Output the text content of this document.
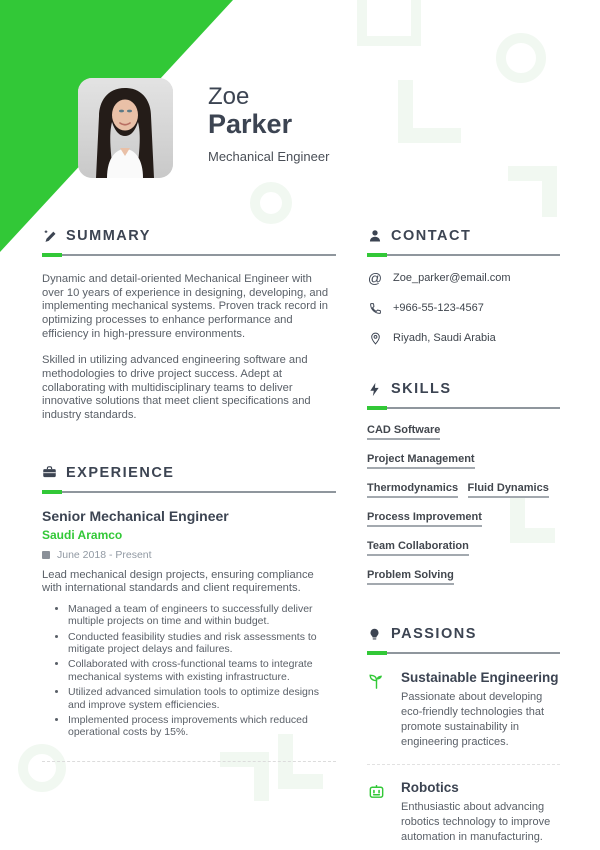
Zoe
Parker
Mechanical Engineer
SUMMARY

Dynamic and detail-oriented Mechanical Engineer with over 10 years of experience in designing, developing, and implementing mechanical systems. Proven track record in optimizing processes to enhance performance and efficiency in high-pressure environments.

Skilled in utilizing advanced engineering software and methodologies to drive project success. Adept at collaborating with multidisciplinary teams to deliver innovative solutions that meet client specifications and industry standards.

EXPERIENCE
Senior Mechanical Engineer
Saudi Aramco
June 2018 - Present
Lead mechanical design projects, ensuring compliance with international standards and client requirements.
• Managed a team of engineers to successfully deliver multiple projects on time and within budget.
• Conducted feasibility studies and risk assessments to mitigate project delays and failures.
• Collaborated with cross-functional teams to integrate mechanical systems with existing infrastructure.
• Utilized advanced simulation tools to optimize designs and improve system efficiencies.
• Implemented process improvements which reduced operational costs by 15%.
CONTACT
@ Zoe_parker@email.com
+966-55-123-4567
Riyadh, Saudi Arabia
SKILLS
CAD Software Project Management Thermodynamics Fluid Dynamics Process Improvement Team Collaboration Problem Solving
PASSIONS
Sustainable Engineering
Passionate about developing eco-friendly technologies that promote sustainability in engineering practices.
Robotics
Enthusiastic about advancing robotics technology to improve automation in manufacturing.
